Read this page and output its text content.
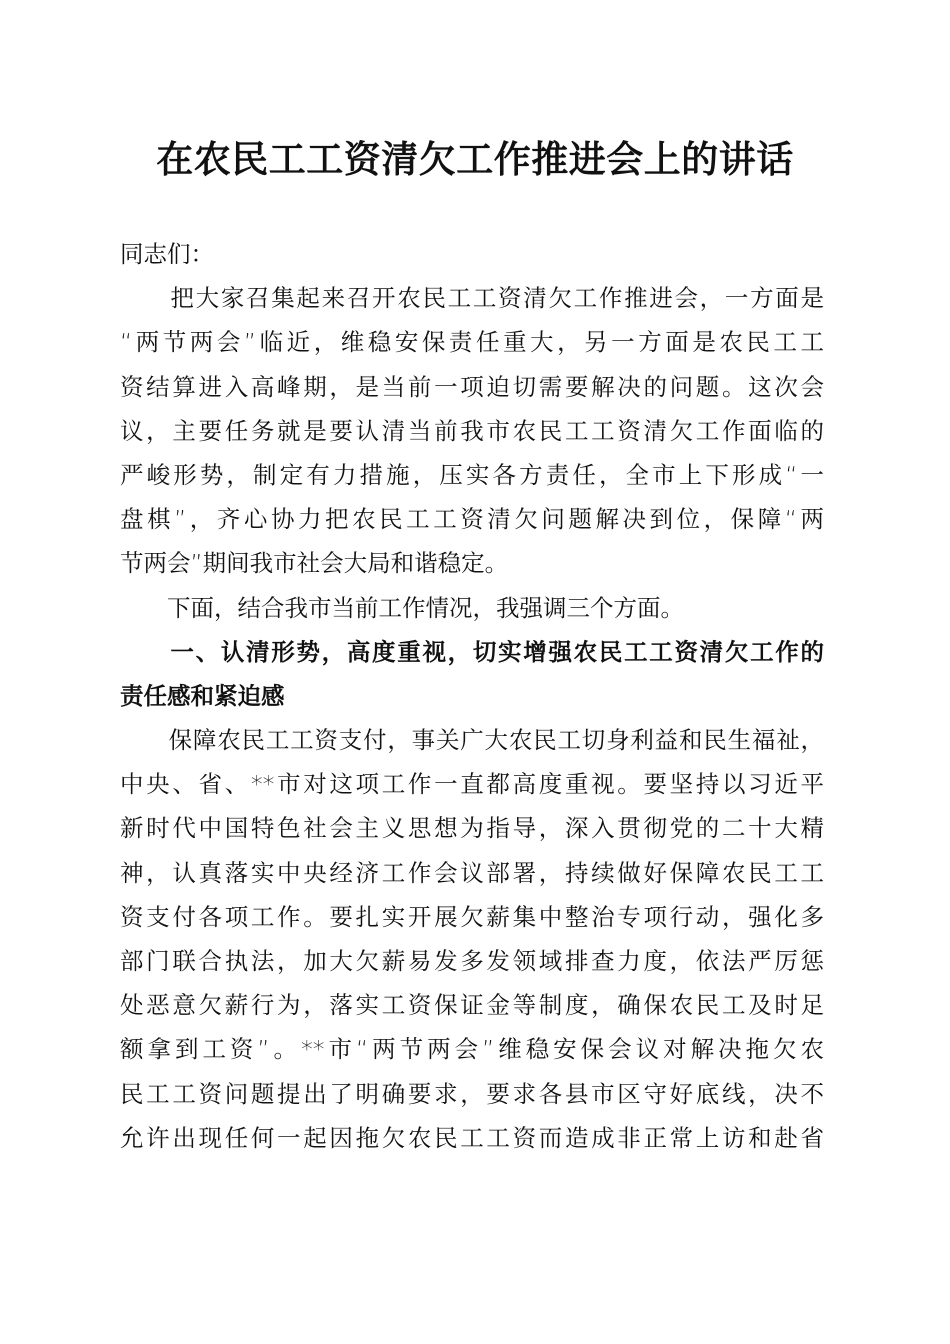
在农民工工资清欠工作推进会上的讲话
同志们：
　　把大家召集起来召开农民工工资清欠工作推进会，一方面是
“两节两会”临近，维稳安保责任重大，另一方面是农民工工
资结算进入高峰期，是当前一项迫切需要解决的问题。这次会
议，主要任务就是要认清当前我市农民工工资清欠工作面临的
严峻形势，制定有力措施，压实各方责任，全市上下形成“一
盘棋”，齐心协力把农民工工资清欠问题解决到位，保障“两
节两会”期间我市社会大局和谐稳定。
　　下面，结合我市当前工作情况，我强调三个方面。
　　一、认清形势，高度重视，切实增强农民工工资清欠工作的
责任感和紧迫感
　　保障农民工工资支付，事关广大农民工切身利益和民生福祉，
中央、省、**市对这项工作一直都高度重视。要坚持以习近平
新时代中国特色社会主义思想为指导，深入贯彻党的二十大精
神，认真落实中央经济工作会议部署，持续做好保障农民工工
资支付各项工作。要扎实开展欠薪集中整治专项行动，强化多
部门联合执法，加大欠薪易发多发领域排查力度，依法严厉惩
处恶意欠薪行为，落实工资保证金等制度，确保农民工及时足
额拿到工资”。**市“两节两会”维稳安保会议对解决拖欠农
民工工资问题提出了明确要求，要求各县市区守好底线，决不
允许出现任何一起因拖欠农民工工资而造成非正常上访和赴省
